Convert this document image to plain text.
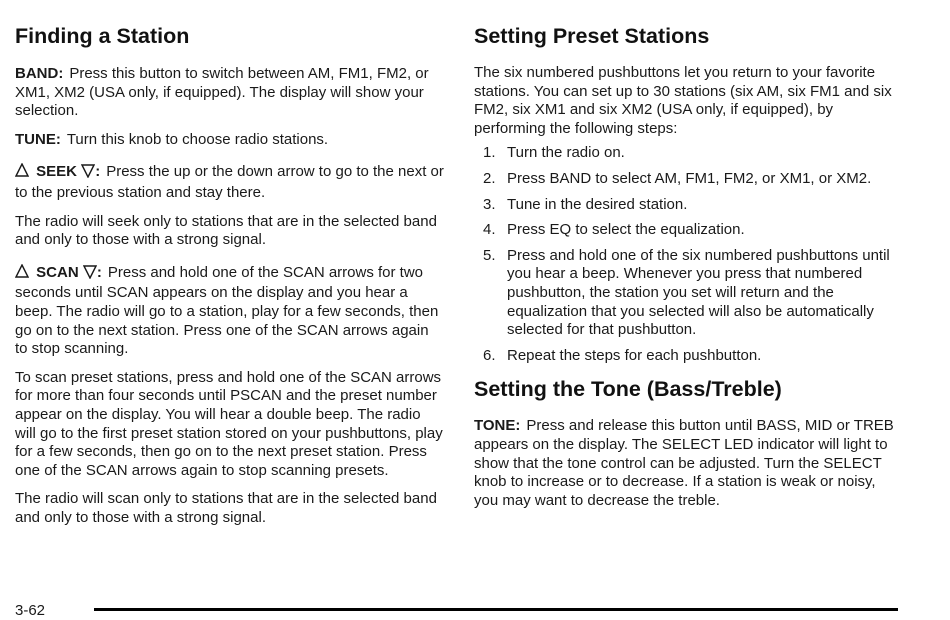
Finding a Station

BAND: Press this button to switch between AM, FM1, FM2, or XM1, XM2 (USA only, if equipped). The display will show your selection.

TUNE: Turn this knob to choose radio stations.

SEEK : Press the up or the down arrow to go to the next or to the previous station and stay there.

The radio will seek only to stations that are in the selected band and only to those with a strong signal.

SCAN : Press and hold one of the SCAN arrows for two seconds until SCAN appears on the display and you hear a beep. The radio will go to a station, play for a few seconds, then go on to the next station. Press one of the SCAN arrows again to stop scanning.

To scan preset stations, press and hold one of the SCAN arrows for more than four seconds until PSCAN and the preset number appear on the display. You will hear a double beep. The radio will go to the first preset station stored on your pushbuttons, play for a few seconds, then go on to the next preset station. Press one of the SCAN arrows again to stop scanning presets.

The radio will scan only to stations that are in the selected band and only to those with a strong signal.

Setting Preset Stations

The six numbered pushbuttons let you return to your favorite stations. You can set up to 30 stations (six AM, six FM1 and six FM2, six XM1 and six XM2 (USA only, if equipped), by performing the following steps:

1. Turn the radio on.
2. Press BAND to select AM, FM1, FM2, or XM1, or XM2.
3. Tune in the desired station.
4. Press EQ to select the equalization.
5. Press and hold one of the six numbered pushbuttons until you hear a beep. Whenever you press that numbered pushbutton, the station you set will return and the equalization that you selected will also be automatically selected for that pushbutton.
6. Repeat the steps for each pushbutton.
Setting the Tone (Bass/Treble)

TONE: Press and release this button until BASS, MID or TREB appears on the display. The SELECT LED indicator will light to show that the tone control can be adjusted. Turn the SELECT knob to increase or to decrease. If a station is weak or noisy, you may want to decrease the treble.

3-62
